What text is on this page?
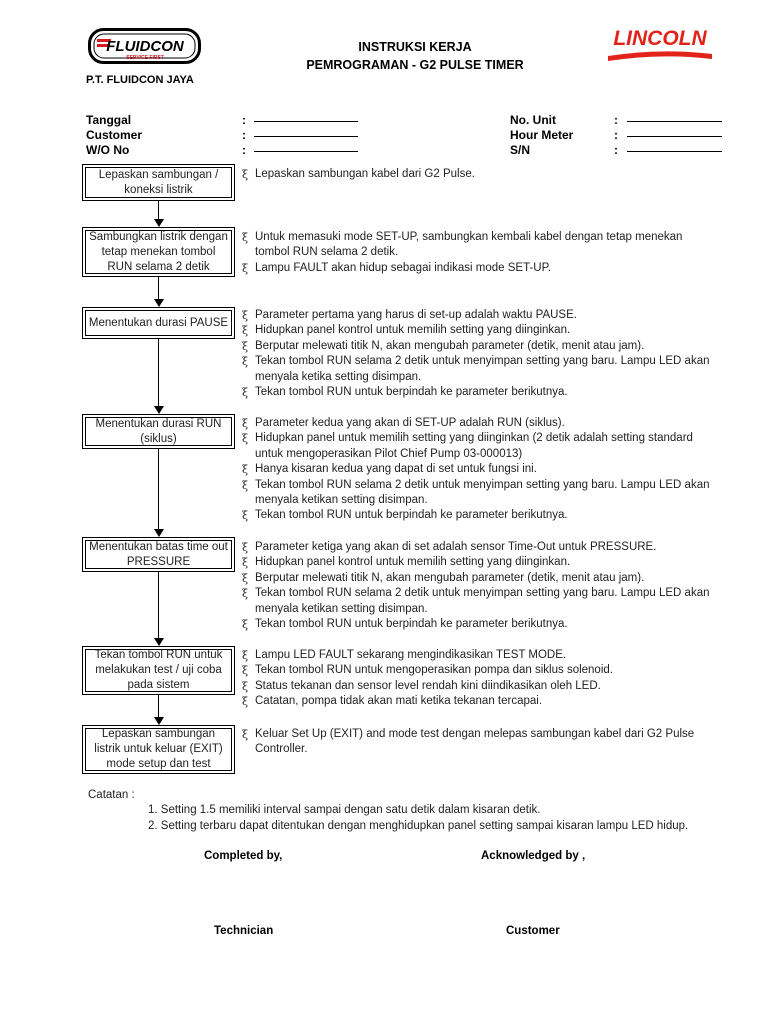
FLUIDCON
SERVICE FIRST
P.T. FLUIDCON JAYA
INSTRUKSI KERJA
PEMROGRAMAN - G2 PULSE TIMER
LINCOLN
Tanggal	:
Customer	:
W/O No	:
No. Unit	:
Hour Meter	:
S/N	:
Lepaskan sambungan / koneksi listrik
ξ Lepaskan sambungan kabel dari G2 Pulse.
Sambungkan listrik dengan tetap menekan tombol RUN selama 2 detik
ξ Untuk memasuki mode SET-UP, sambungkan kembali kabel dengan tetap menekan tombol RUN selama 2 detik.
ξ Lampu FAULT akan hidup sebagai indikasi mode SET-UP.
Menentukan durasi PAUSE
ξ Parameter pertama yang harus di set-up adalah waktu PAUSE.
ξ Hidupkan panel kontrol untuk memilih setting yang diinginkan.
ξ Berputar melewati titik N, akan mengubah parameter (detik, menit atau jam).
ξ Tekan tombol RUN selama 2 detik untuk menyimpan setting yang baru. Lampu LED akan menyala ketika setting disimpan.
ξ Tekan tombol RUN untuk berpindah ke parameter berikutnya.
Menentukan durasi RUN (siklus)
ξ Parameter kedua yang akan di SET-UP adalah RUN (siklus).
ξ Hidupkan panel untuk memilih setting yang diinginkan (2 detik adalah setting standard untuk mengoperasikan Pilot Chief Pump 03-000013)
ξ Hanya kisaran kedua yang dapat di set untuk fungsi ini.
ξ Tekan tombol RUN selama 2 detik untuk menyimpan setting yang baru. Lampu LED akan menyala ketikan setting disimpan.
ξ Tekan tombol RUN untuk berpindah ke parameter berikutnya.
Menentukan batas time out PRESSURE
ξ Parameter ketiga yang akan di set adalah sensor Time-Out untuk PRESSURE.
ξ Hidupkan panel kontrol untuk memilih setting yang diinginkan.
ξ Berputar melewati titik N, akan mengubah parameter (detik, menit atau jam).
ξ Tekan tombol RUN selama 2 detik untuk menyimpan setting yang baru. Lampu LED akan menyala ketikan setting disimpan.
ξ Tekan tombol RUN untuk berpindah ke parameter berikutnya.
Tekan tombol RUN untuk melakukan test / uji coba pada sistem
ξ Lampu LED FAULT sekarang mengindikasikan TEST MODE.
ξ Tekan tombol RUN untuk mengoperasikan pompa dan siklus solenoid.
ξ Status tekanan dan sensor level rendah kini diindikasikan oleh LED.
ξ Catatan, pompa tidak akan mati ketika tekanan tercapai.
Lepaskan sambungan listrik untuk keluar (EXIT) mode setup dan test
ξ Keluar Set Up (EXIT) and mode test dengan melepas sambungan kabel dari G2 Pulse Controller.
Catatan :
1. Setting 1.5 memiliki interval sampai dengan satu detik dalam kisaran detik.
2. Setting terbaru dapat ditentukan dengan menghidupkan panel setting sampai kisaran lampu LED hidup.
Completed by,	Acknowledged by ,
Technician	Customer
